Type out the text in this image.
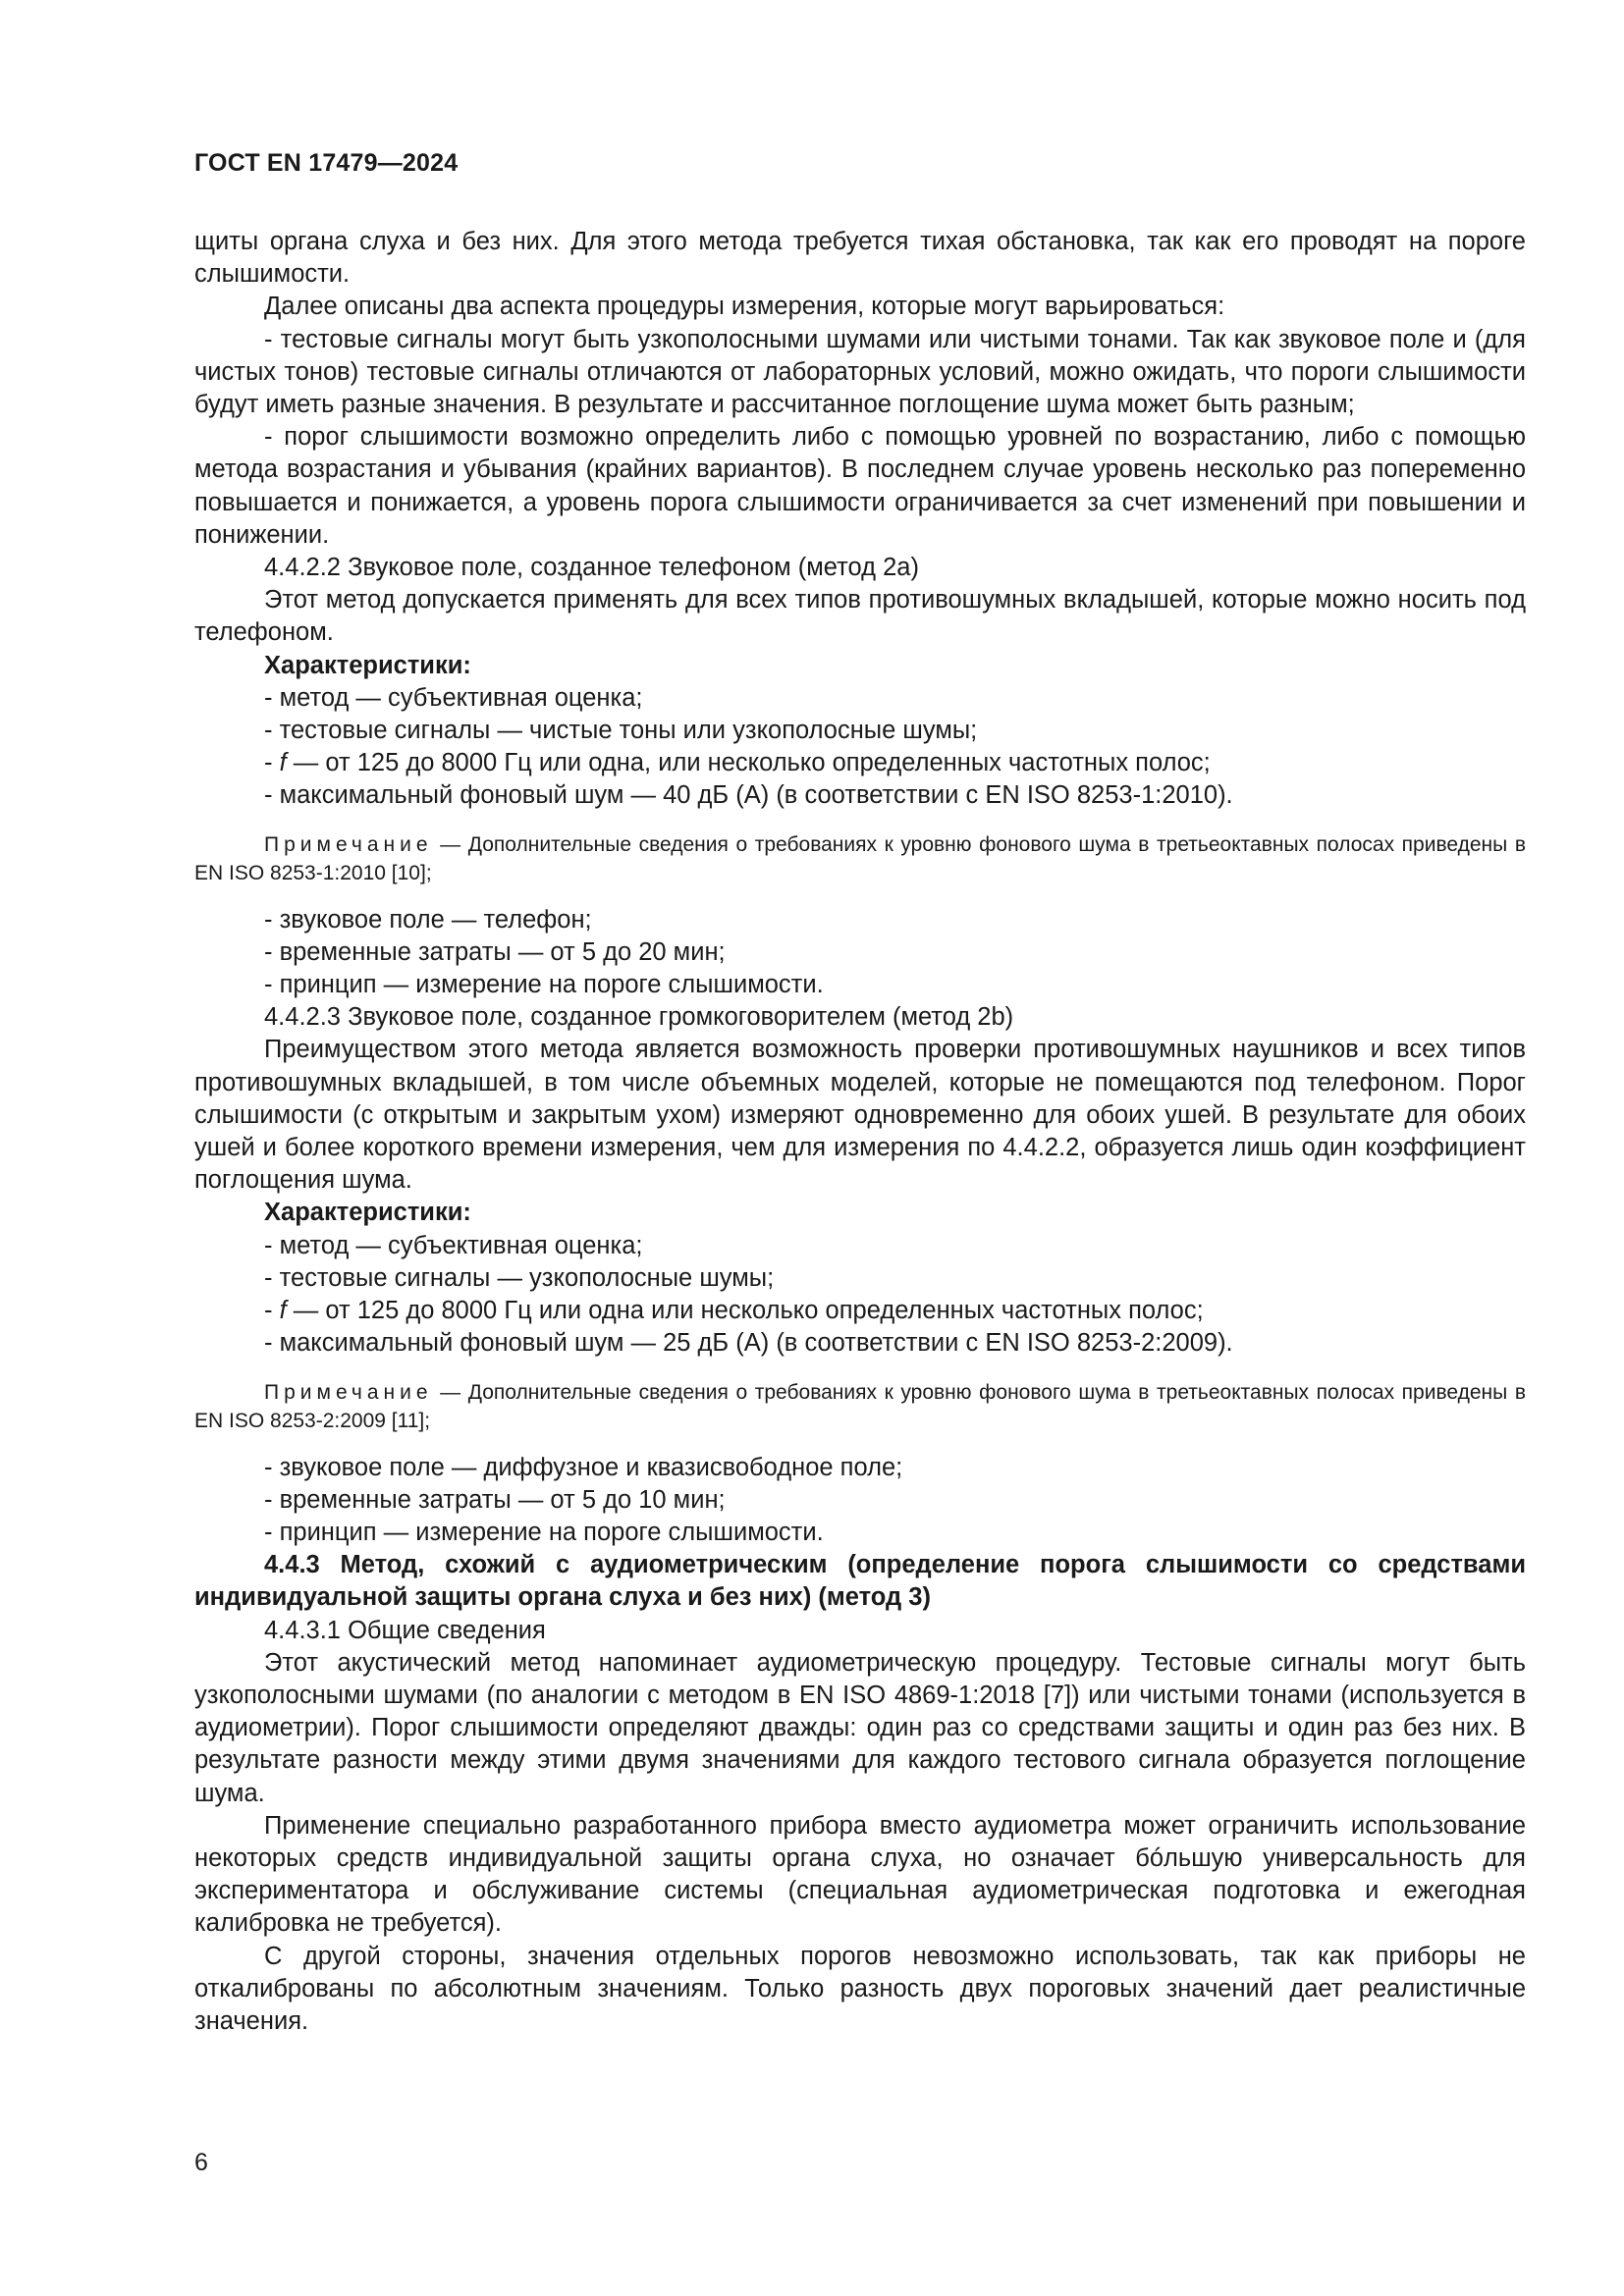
ГОСТ EN 17479—2024

щиты органа слуха и без них. Для этого метода требуется тихая обстановка, так как его проводят на пороге слышимости.

Далее описаны два аспекта процедуры измерения, которые могут варьироваться:

- тестовые сигналы могут быть узкополосными шумами или чистыми тонами. Так как звуковое поле и (для чистых тонов) тестовые сигналы отличаются от лабораторных условий, можно ожидать, что пороги слышимости будут иметь разные значения. В результате и рассчитанное поглощение шума может быть разным;

- порог слышимости возможно определить либо с помощью уровней по возрастанию, либо с помощью метода возрастания и убывания (крайних вариантов). В последнем случае уровень несколько раз попеременно повышается и понижается, а уровень порога слышимости ограничивается за счет изменений при повышении и понижении.

4.4.2.2 Звуковое поле, созданное телефоном (метод 2а)

Этот метод допускается применять для всех типов противошумных вкладышей, которые можно носить под телефоном.

Характеристики:

- метод — субъективная оценка;

- тестовые сигналы — чистые тоны или узкополосные шумы;

- f — от 125 до 8000 Гц или одна, или несколько определенных частотных полос;

- максимальный фоновый шум — 40 дБ (А) (в соответствии с EN ISO 8253-1:2010).

Примечание — Дополнительные сведения о требованиях к уровню фонового шума в третьеоктавных полосах приведены в EN ISO 8253-1:2010 [10];

- звуковое поле — телефон;

- временные затраты — от 5 до 20 мин;

- принцип — измерение на пороге слышимости.

4.4.2.3 Звуковое поле, созданное громкоговорителем (метод 2b)

Преимуществом этого метода является возможность проверки противошумных наушников и всех типов противошумных вкладышей, в том числе объемных моделей, которые не помещаются под телефоном. Порог слышимости (с открытым и закрытым ухом) измеряют одновременно для обоих ушей. В результате для обоих ушей и более короткого времени измерения, чем для измерения по 4.4.2.2, образуется лишь один коэффициент поглощения шума.

Характеристики:

- метод — субъективная оценка;

- тестовые сигналы — узкополосные шумы;

- f — от 125 до 8000 Гц или одна или несколько определенных частотных полос;

- максимальный фоновый шум — 25 дБ (А) (в соответствии с EN ISO 8253-2:2009).

Примечание — Дополнительные сведения о требованиях к уровню фонового шума в третьеоктавных полосах приведены в EN ISO 8253-2:2009 [11];

- звуковое поле — диффузное и квазисвободное поле;

- временные затраты — от 5 до 10 мин;

- принцип — измерение на пороге слышимости.

4.4.3 Метод, схожий с аудиометрическим (определение порога слышимости со средствами индивидуальной защиты органа слуха и без них) (метод 3)

4.4.3.1 Общие сведения

Этот акустический метод напоминает аудиометрическую процедуру. Тестовые сигналы могут быть узкополосными шумами (по аналогии с методом в EN ISO 4869-1:2018 [7]) или чистыми тонами (используется в аудиометрии). Порог слышимости определяют дважды: один раз со средствами защиты и один раз без них. В результате разности между этими двумя значениями для каждого тестового сигнала образуется поглощение шума.

Применение специально разработанного прибора вместо аудиометра может ограничить использование некоторых средств индивидуальной защиты органа слуха, но означает бóльшую универсальность для экспериментатора и обслуживание системы (специальная аудиометрическая подготовка и ежегодная калибровка не требуется).

С другой стороны, значения отдельных порогов невозможно использовать, так как приборы не откалиброваны по абсолютным значениям. Только разность двух пороговых значений дает реалистичные значения.

6
